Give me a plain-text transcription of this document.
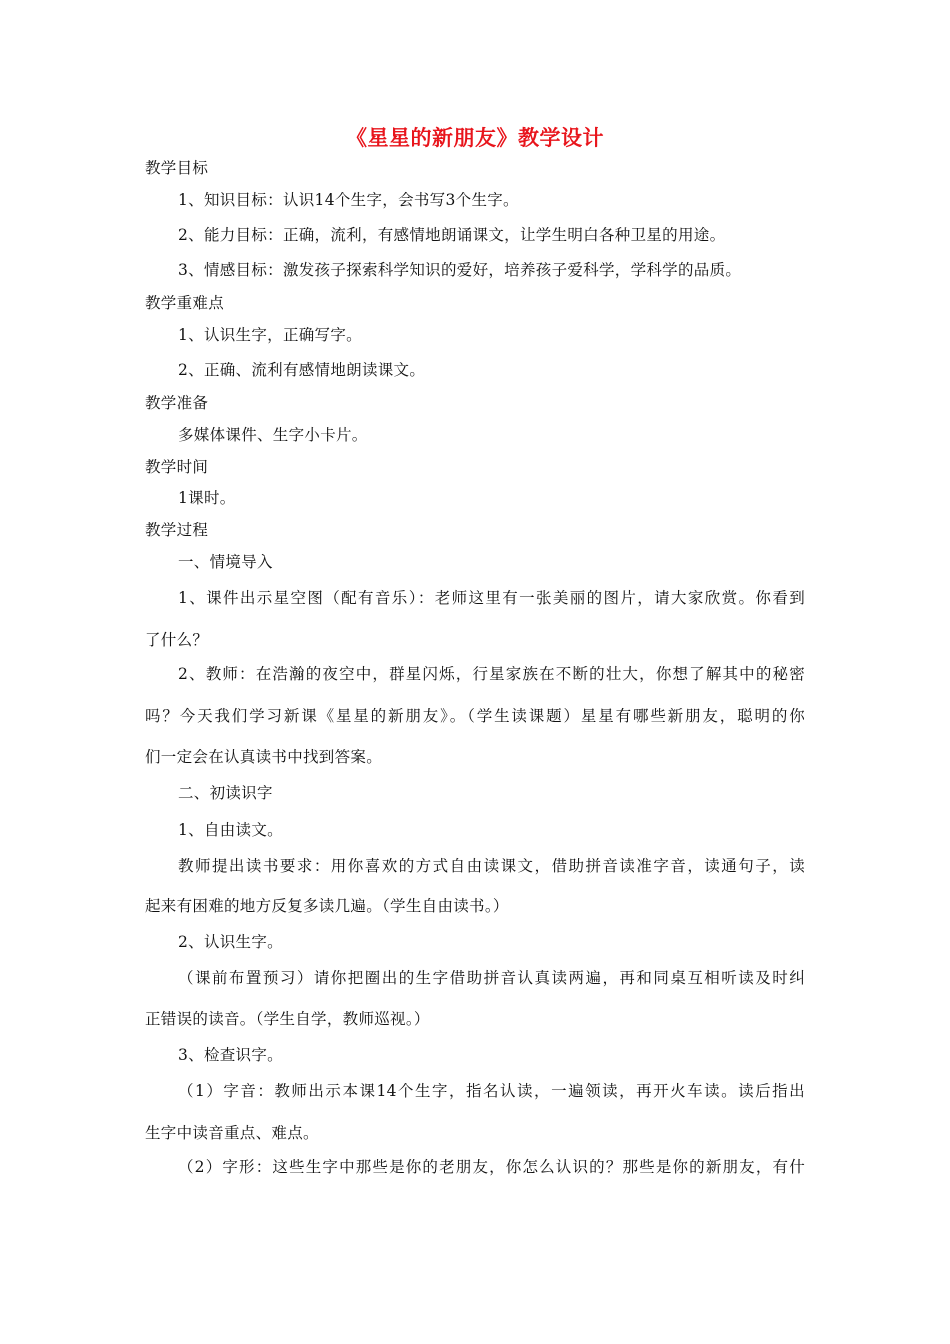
《星星的新朋友》教学设计
教学目标
1、知识目标：认识14个生字，会书写3个生字。
2、能力目标：正确，流利，有感情地朗诵课文，让学生明白各种卫星的用途。
3、情感目标：激发孩子探索科学知识的爱好，培养孩子爱科学，学科学的品质。
教学重难点
1、认识生字，正确写字。
2、正确、流利有感情地朗读课文。
教学准备
多媒体课件、生字小卡片。
教学时间
1课时。
教学过程
一、情境导入
1、课件出示星空图（配有音乐）：老师这里有一张美丽的图片，请大家欣赏。你看到
了什么？
2、教师：在浩瀚的夜空中，群星闪烁，行星家族在不断的壮大，你想了解其中的秘密
吗？今天我们学习新课《星星的新朋友》。（学生读课题）星星有哪些新朋友，聪明的你
们一定会在认真读书中找到答案。
二、初读识字
1、自由读文。
教师提出读书要求：用你喜欢的方式自由读课文，借助拼音读准字音，读通句子，读
起来有困难的地方反复多读几遍。（学生自由读书。）
2、认识生字。
（课前布置预习）请你把圈出的生字借助拼音认真读两遍，再和同桌互相听读及时纠
正错误的读音。（学生自学，教师巡视。）
3、检查识字。
（1）字音：教师出示本课14个生字，指名认读，一遍领读，再开火车读。读后指出
生字中读音重点、难点。
（2）字形：这些生字中那些是你的老朋友，你怎么认识的？那些是你的新朋友，有什
